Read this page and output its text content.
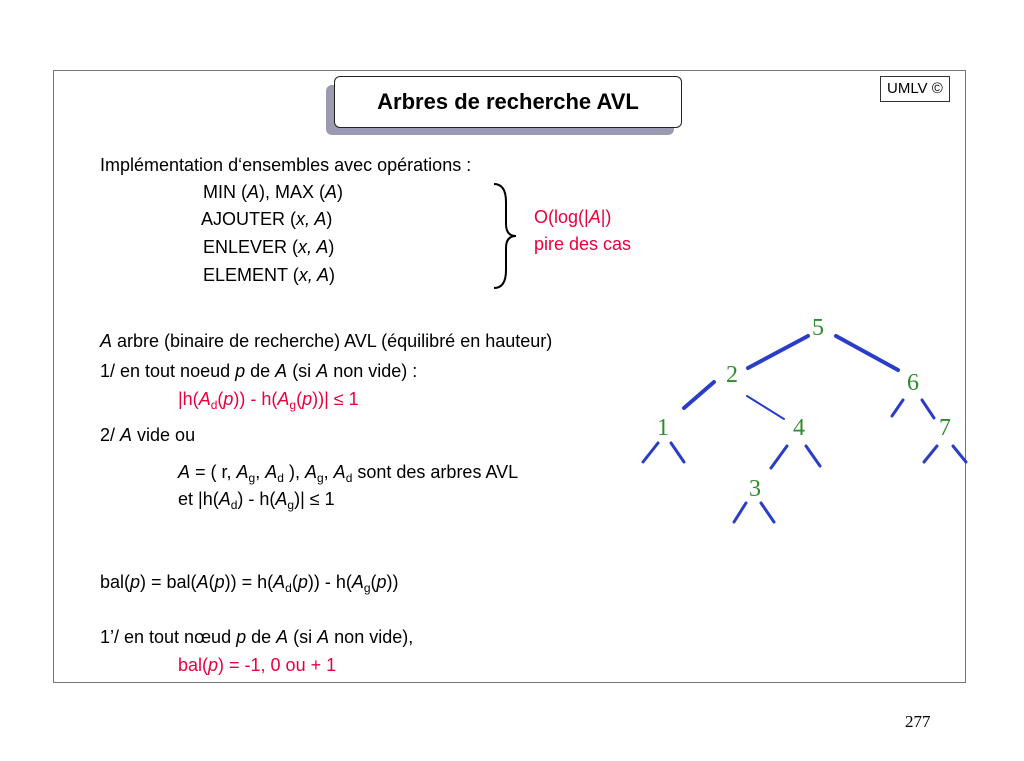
Arbres de recherche AVL
UMLV ©
Implémentation d‘ensembles avec opérations :
MIN (A), MAX (A)
AJOUTER (x, A)
ENLEVER (x, A)
ELEMENT (x, A)
O(log(|A|)
pire des cas
A arbre (binaire de recherche) AVL (équilibré en hauteur)
1/ en tout noeud p de A (si A non vide) :
$|h(A_d(p)) - h(A_g(p))| \le 1$
2/ A vide ou
A = ( r, $A_g$, $A_d$ ), $A_g$, $A_d$ sont des arbres AVL
et $|h(A_d) - h(A_g)| \le 1$
$bal(p) = bal(A(p)) = h(A_d(p)) - h(A_g(p))$
1’/ en tout nœud p de A (si A non vide),
bal(p) = -1, 0 ou + 1
5
2	6
1	4	7
3
277
